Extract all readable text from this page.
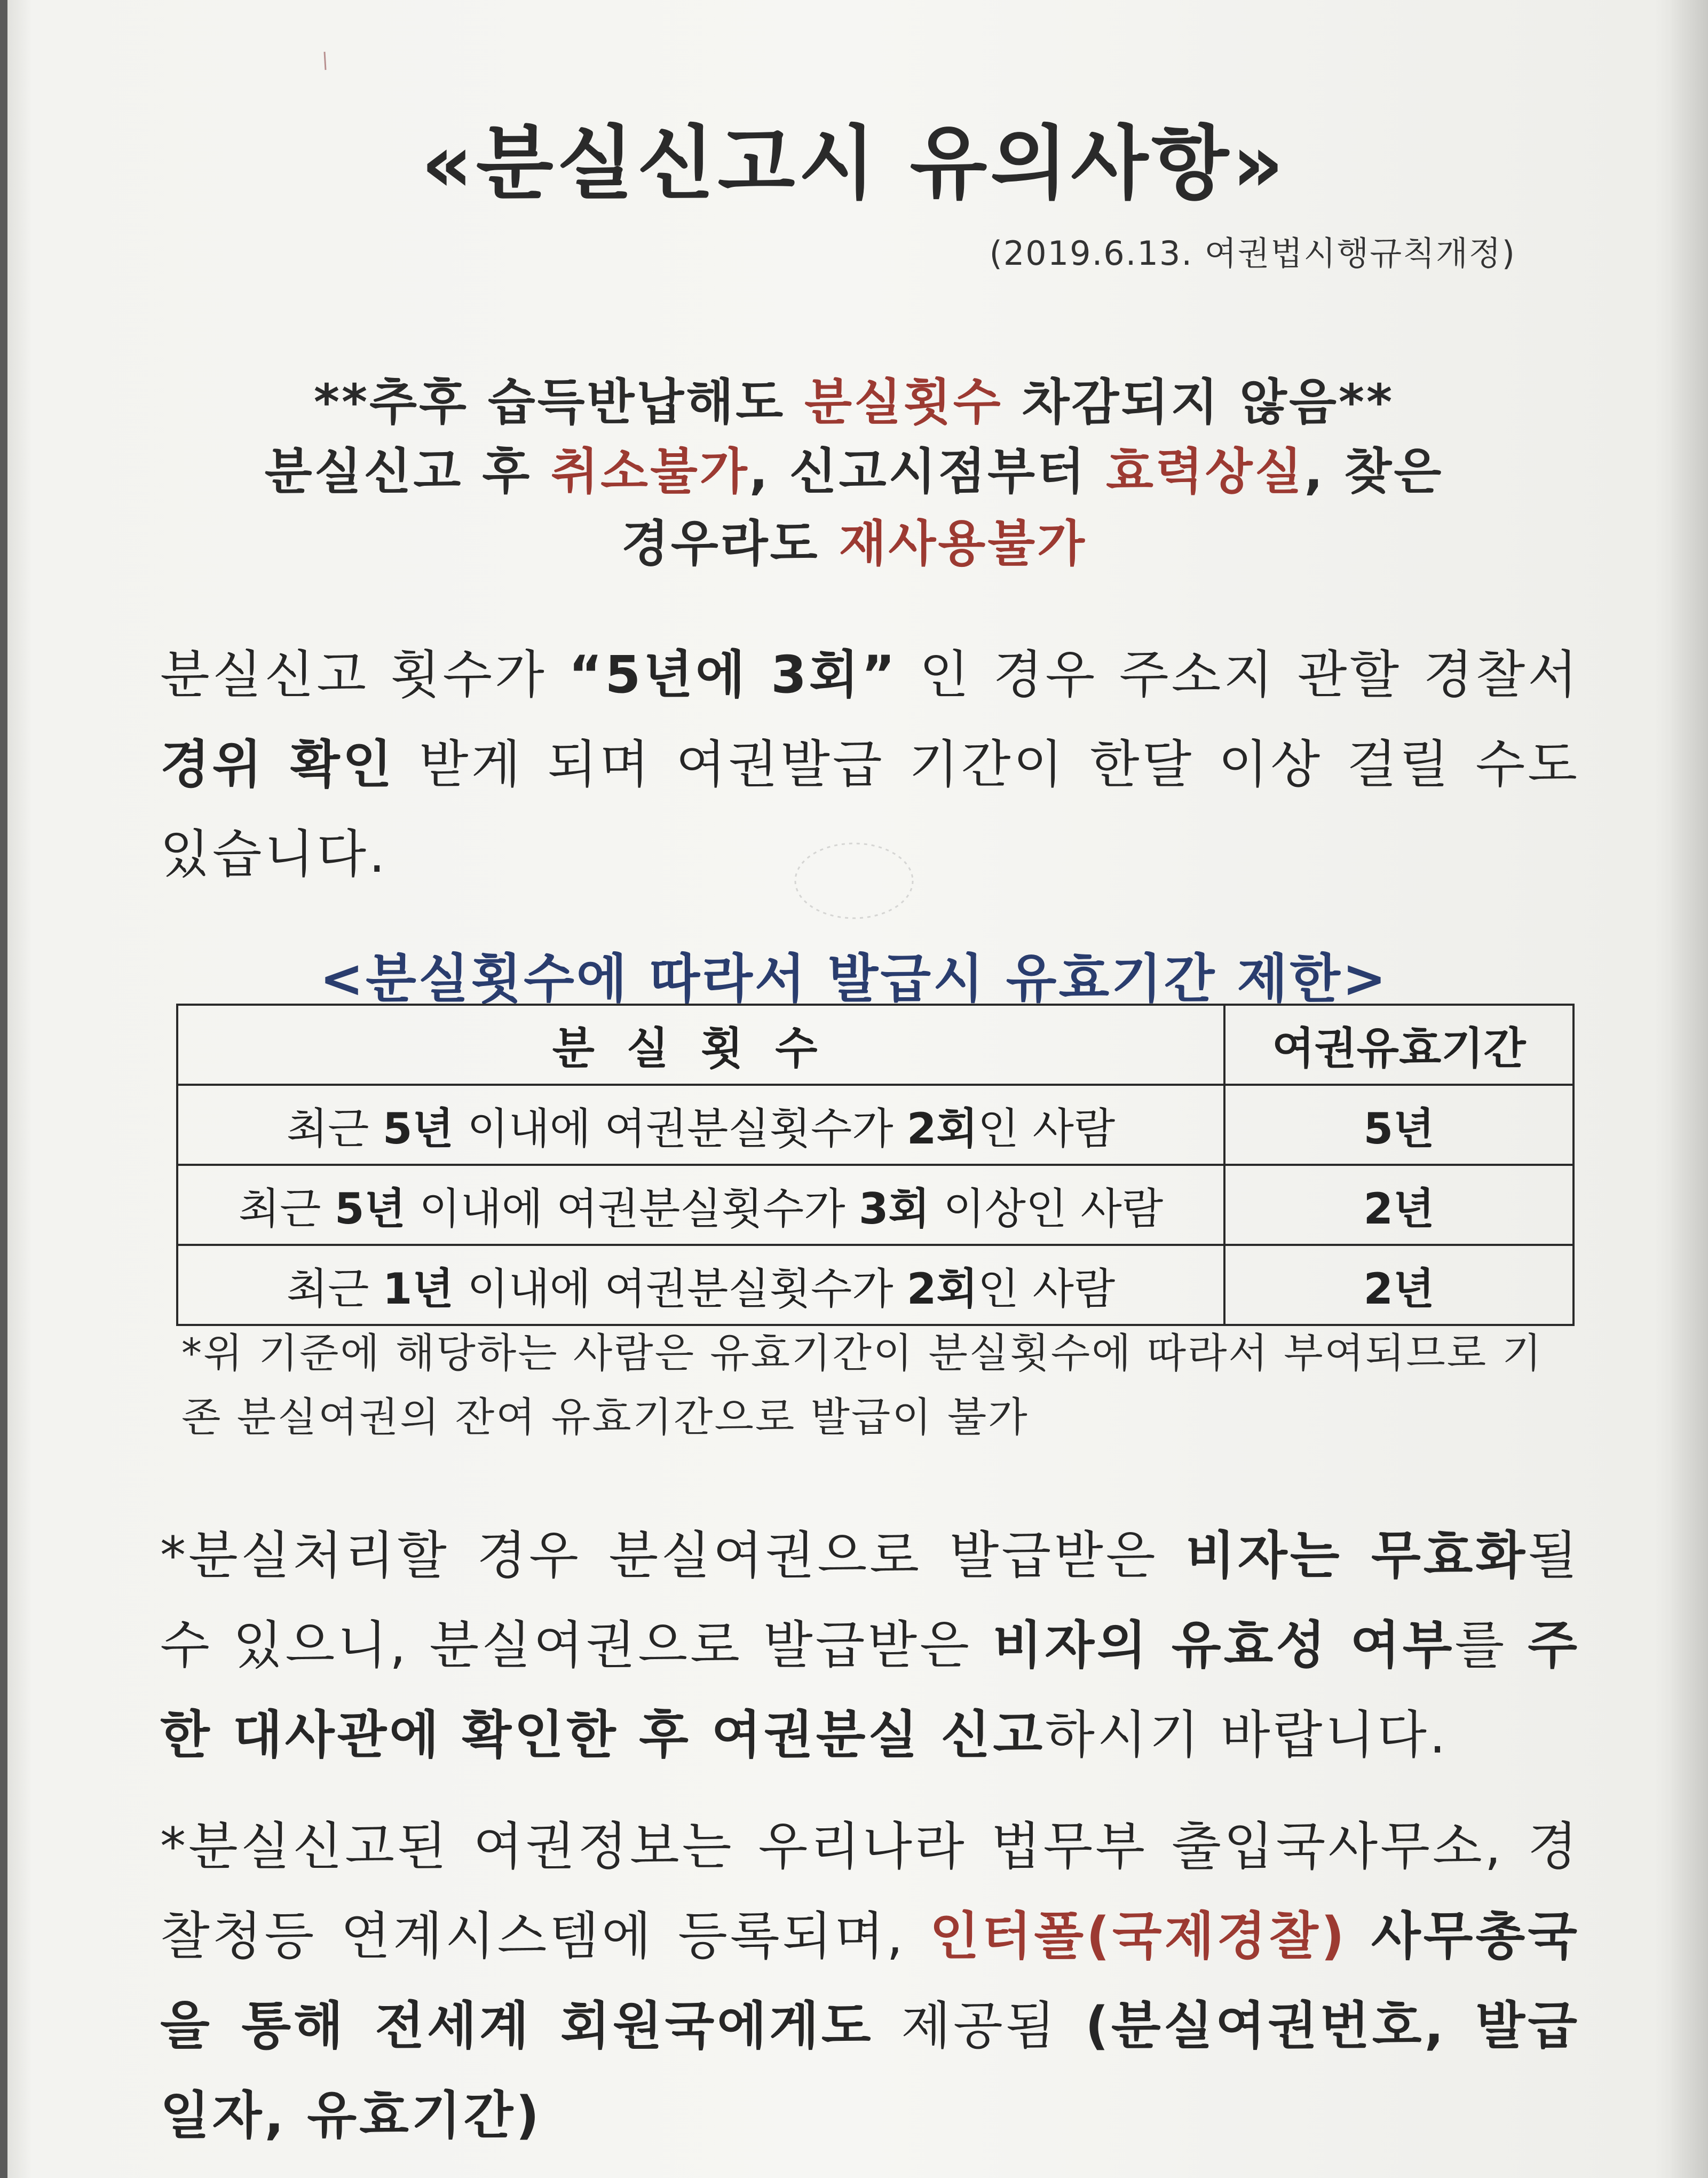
«분실신고시 유의사항»
(2019.6.13. 여권법시행규칙개정)
**추후 습득반납해도 분실횟수 차감되지 않음**
분실신고 후 취소불가, 신고시점부터 효력상실, 찾은
경우라도 재사용불가
분실신고 횟수가 “5년에 3회” 인 경우 주소지 관할 경찰서 경위 확인 받게 되며 여권발급 기간이 한달 이상 걸릴 수도 있습니다.
<분실횟수에 따라서 발급시 유효기간 제한>
분실횟수	여권유효기간
최근 5년 이내에 여권분실횟수가 2회인 사람	5년
최근 5년 이내에 여권분실횟수가 3회 이상인 사람	2년
최근 1년 이내에 여권분실횟수가 2회인 사람	2년
*위 기준에 해당하는 사람은 유효기간이 분실횟수에 따라서 부여되므로 기존 분실여권의 잔여 유효기간으로 발급이 불가
*분실처리할 경우 분실여권으로 발급받은 비자는 무효화될 수 있으니, 분실여권으로 발급받은 비자의 유효성 여부를 주한 대사관에 확인한 후 여권분실 신고하시기 바랍니다.
*분실신고된 여권정보는 우리나라 법무부 출입국사무소, 경찰청등 연계시스템에 등록되며, 인터폴(국제경찰) 사무총국을 통해 전세계 회원국에게도 제공됨 (분실여권번호, 발급일자, 유효기간)
